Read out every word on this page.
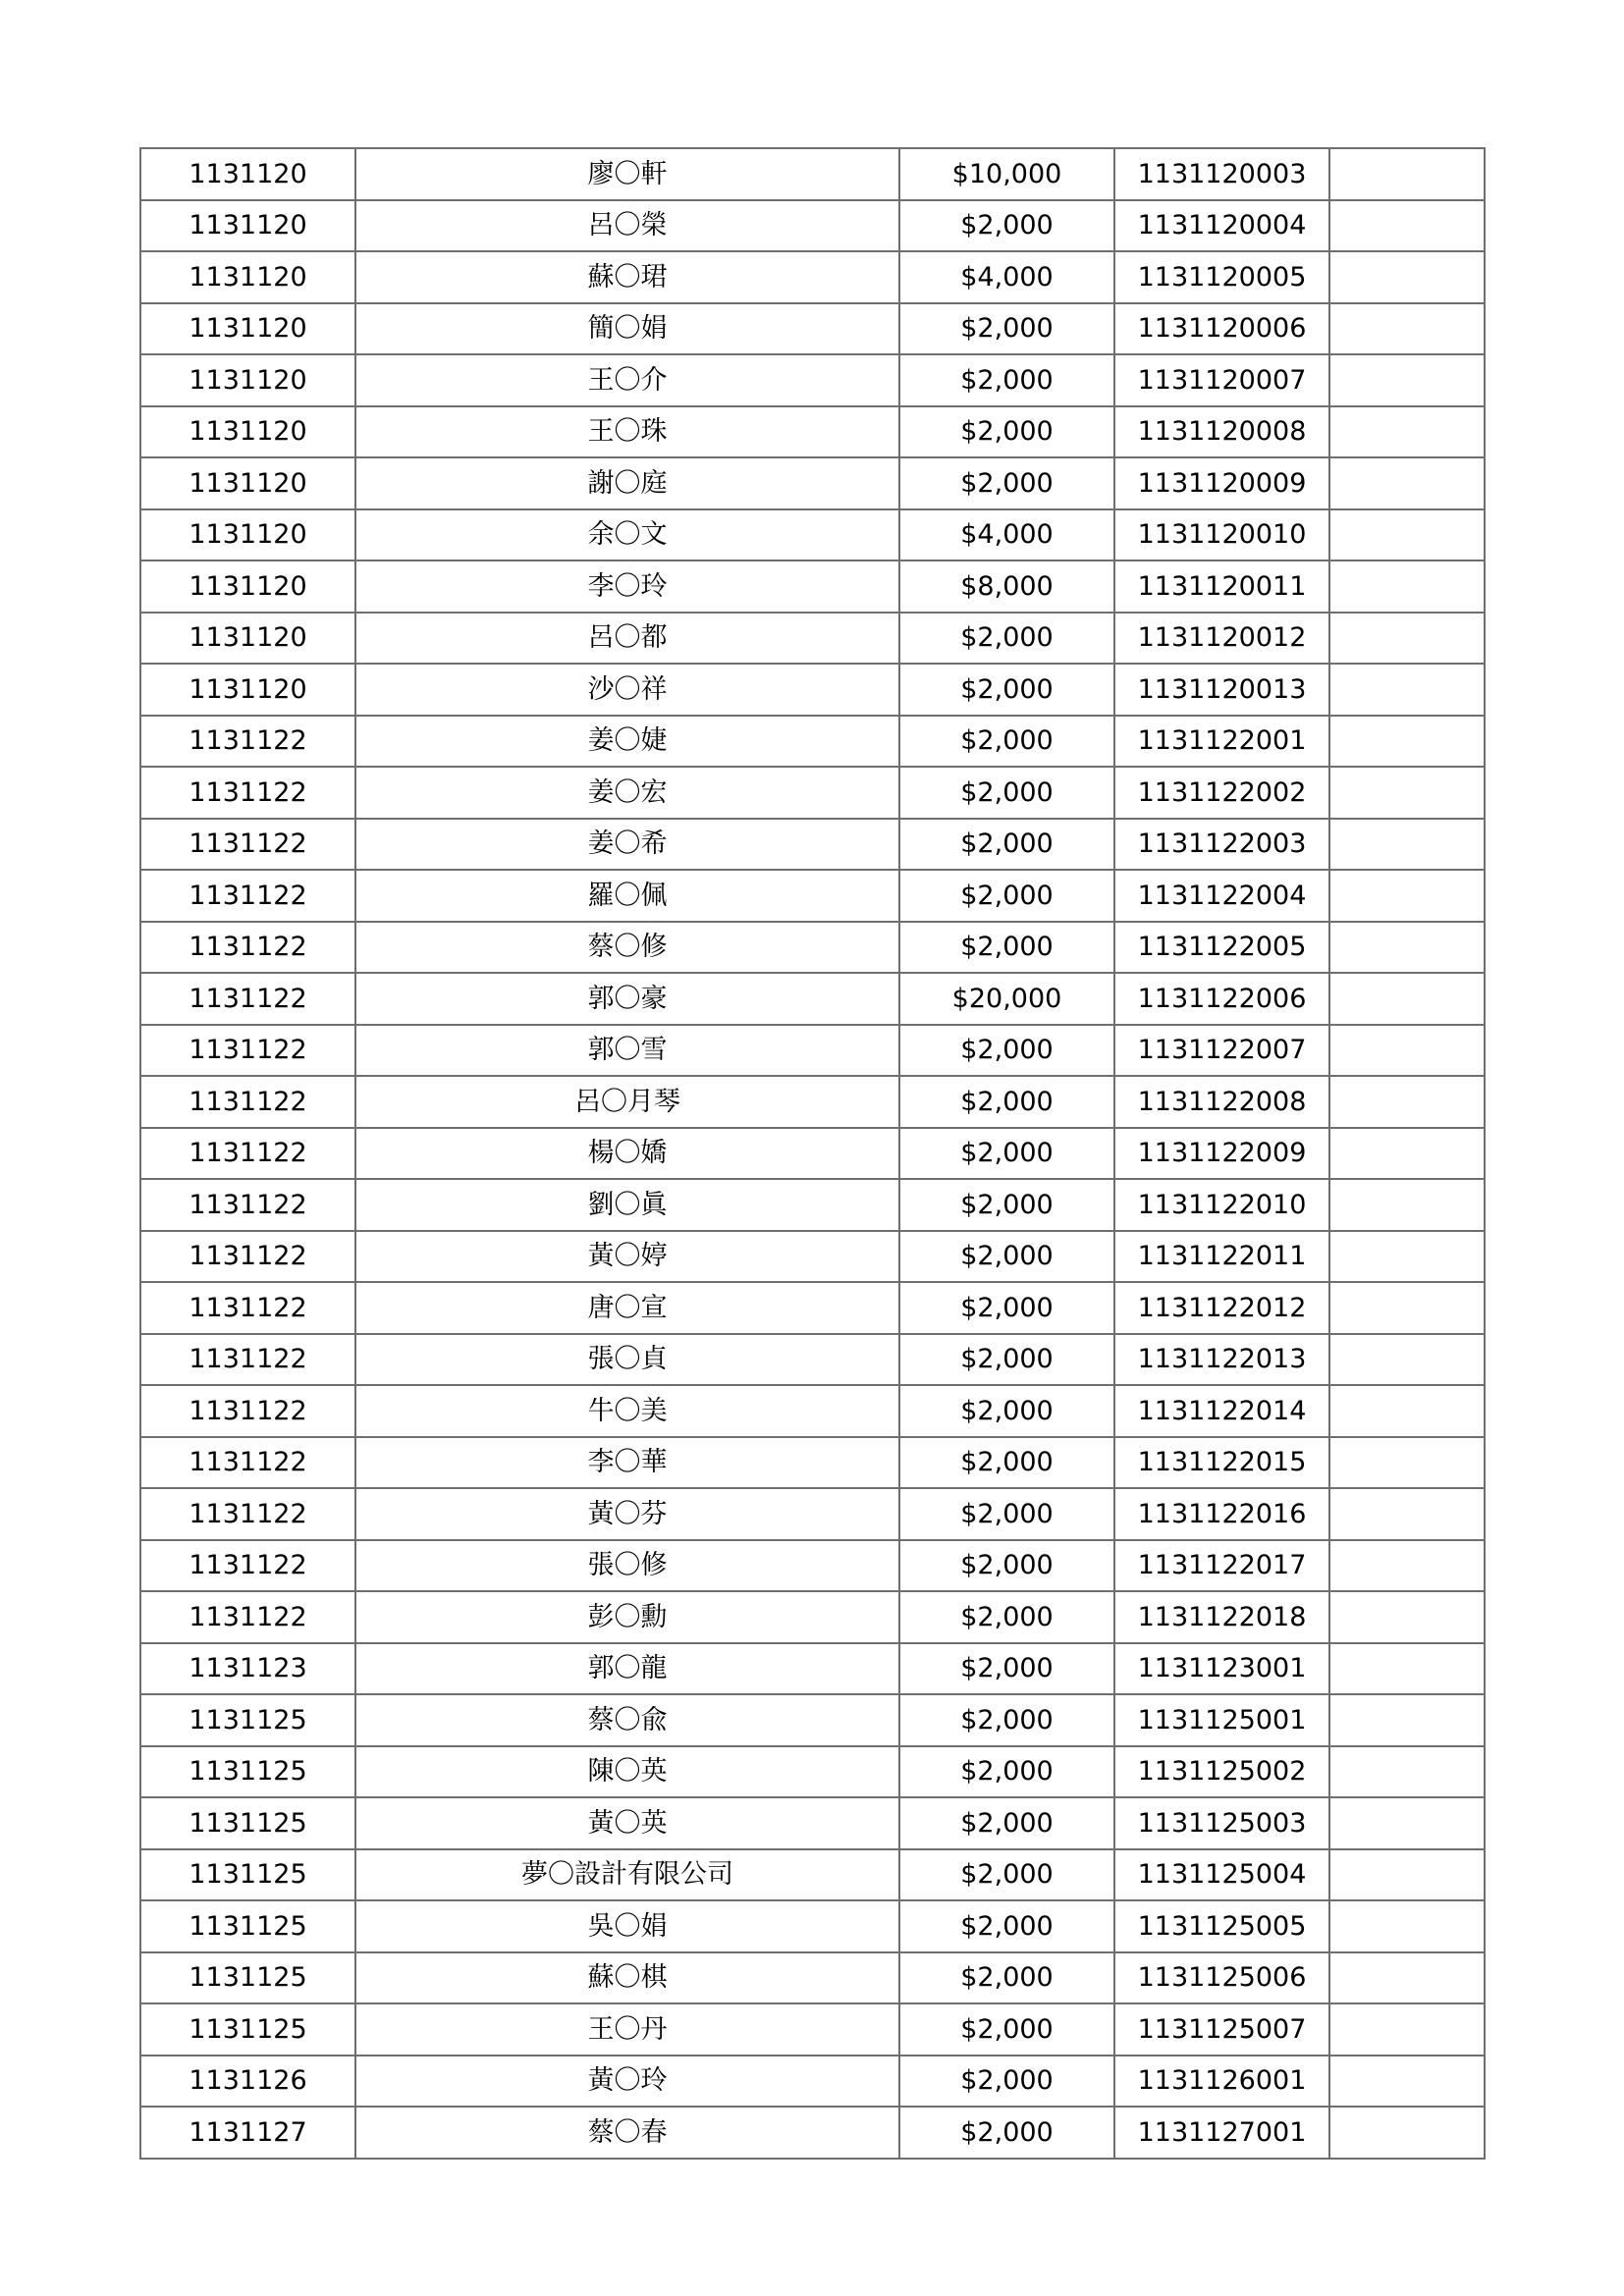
1131120	廖〇軒	$10,000	1131120003	
1131120	呂〇榮	$2,000	1131120004	
1131120	蘇〇珺	$4,000	1131120005	
1131120	簡〇娟	$2,000	1131120006	
1131120	王〇介	$2,000	1131120007	
1131120	王〇珠	$2,000	1131120008	
1131120	謝〇庭	$2,000	1131120009	
1131120	余〇文	$4,000	1131120010	
1131120	李〇玲	$8,000	1131120011	
1131120	呂〇都	$2,000	1131120012	
1131120	沙〇祥	$2,000	1131120013	
1131122	姜〇婕	$2,000	1131122001	
1131122	姜〇宏	$2,000	1131122002	
1131122	姜〇希	$2,000	1131122003	
1131122	羅〇佩	$2,000	1131122004	
1131122	蔡〇修	$2,000	1131122005	
1131122	郭〇豪	$20,000	1131122006	
1131122	郭〇雪	$2,000	1131122007	
1131122	呂〇月琴	$2,000	1131122008	
1131122	楊〇嬌	$2,000	1131122009	
1131122	劉〇眞	$2,000	1131122010	
1131122	黃〇婷	$2,000	1131122011	
1131122	唐〇宣	$2,000	1131122012	
1131122	張〇貞	$2,000	1131122013	
1131122	牛〇美	$2,000	1131122014	
1131122	李〇華	$2,000	1131122015	
1131122	黃〇芬	$2,000	1131122016	
1131122	張〇修	$2,000	1131122017	
1131122	彭〇勳	$2,000	1131122018	
1131123	郭〇龍	$2,000	1131123001	
1131125	蔡〇兪	$2,000	1131125001	
1131125	陳〇英	$2,000	1131125002	
1131125	黃〇英	$2,000	1131125003	
1131125	夢〇設計有限公司	$2,000	1131125004	
1131125	吳〇娟	$2,000	1131125005	
1131125	蘇〇棋	$2,000	1131125006	
1131125	王〇丹	$2,000	1131125007	
1131126	黃〇玲	$2,000	1131126001	
1131127	蔡〇春	$2,000	1131127001	
